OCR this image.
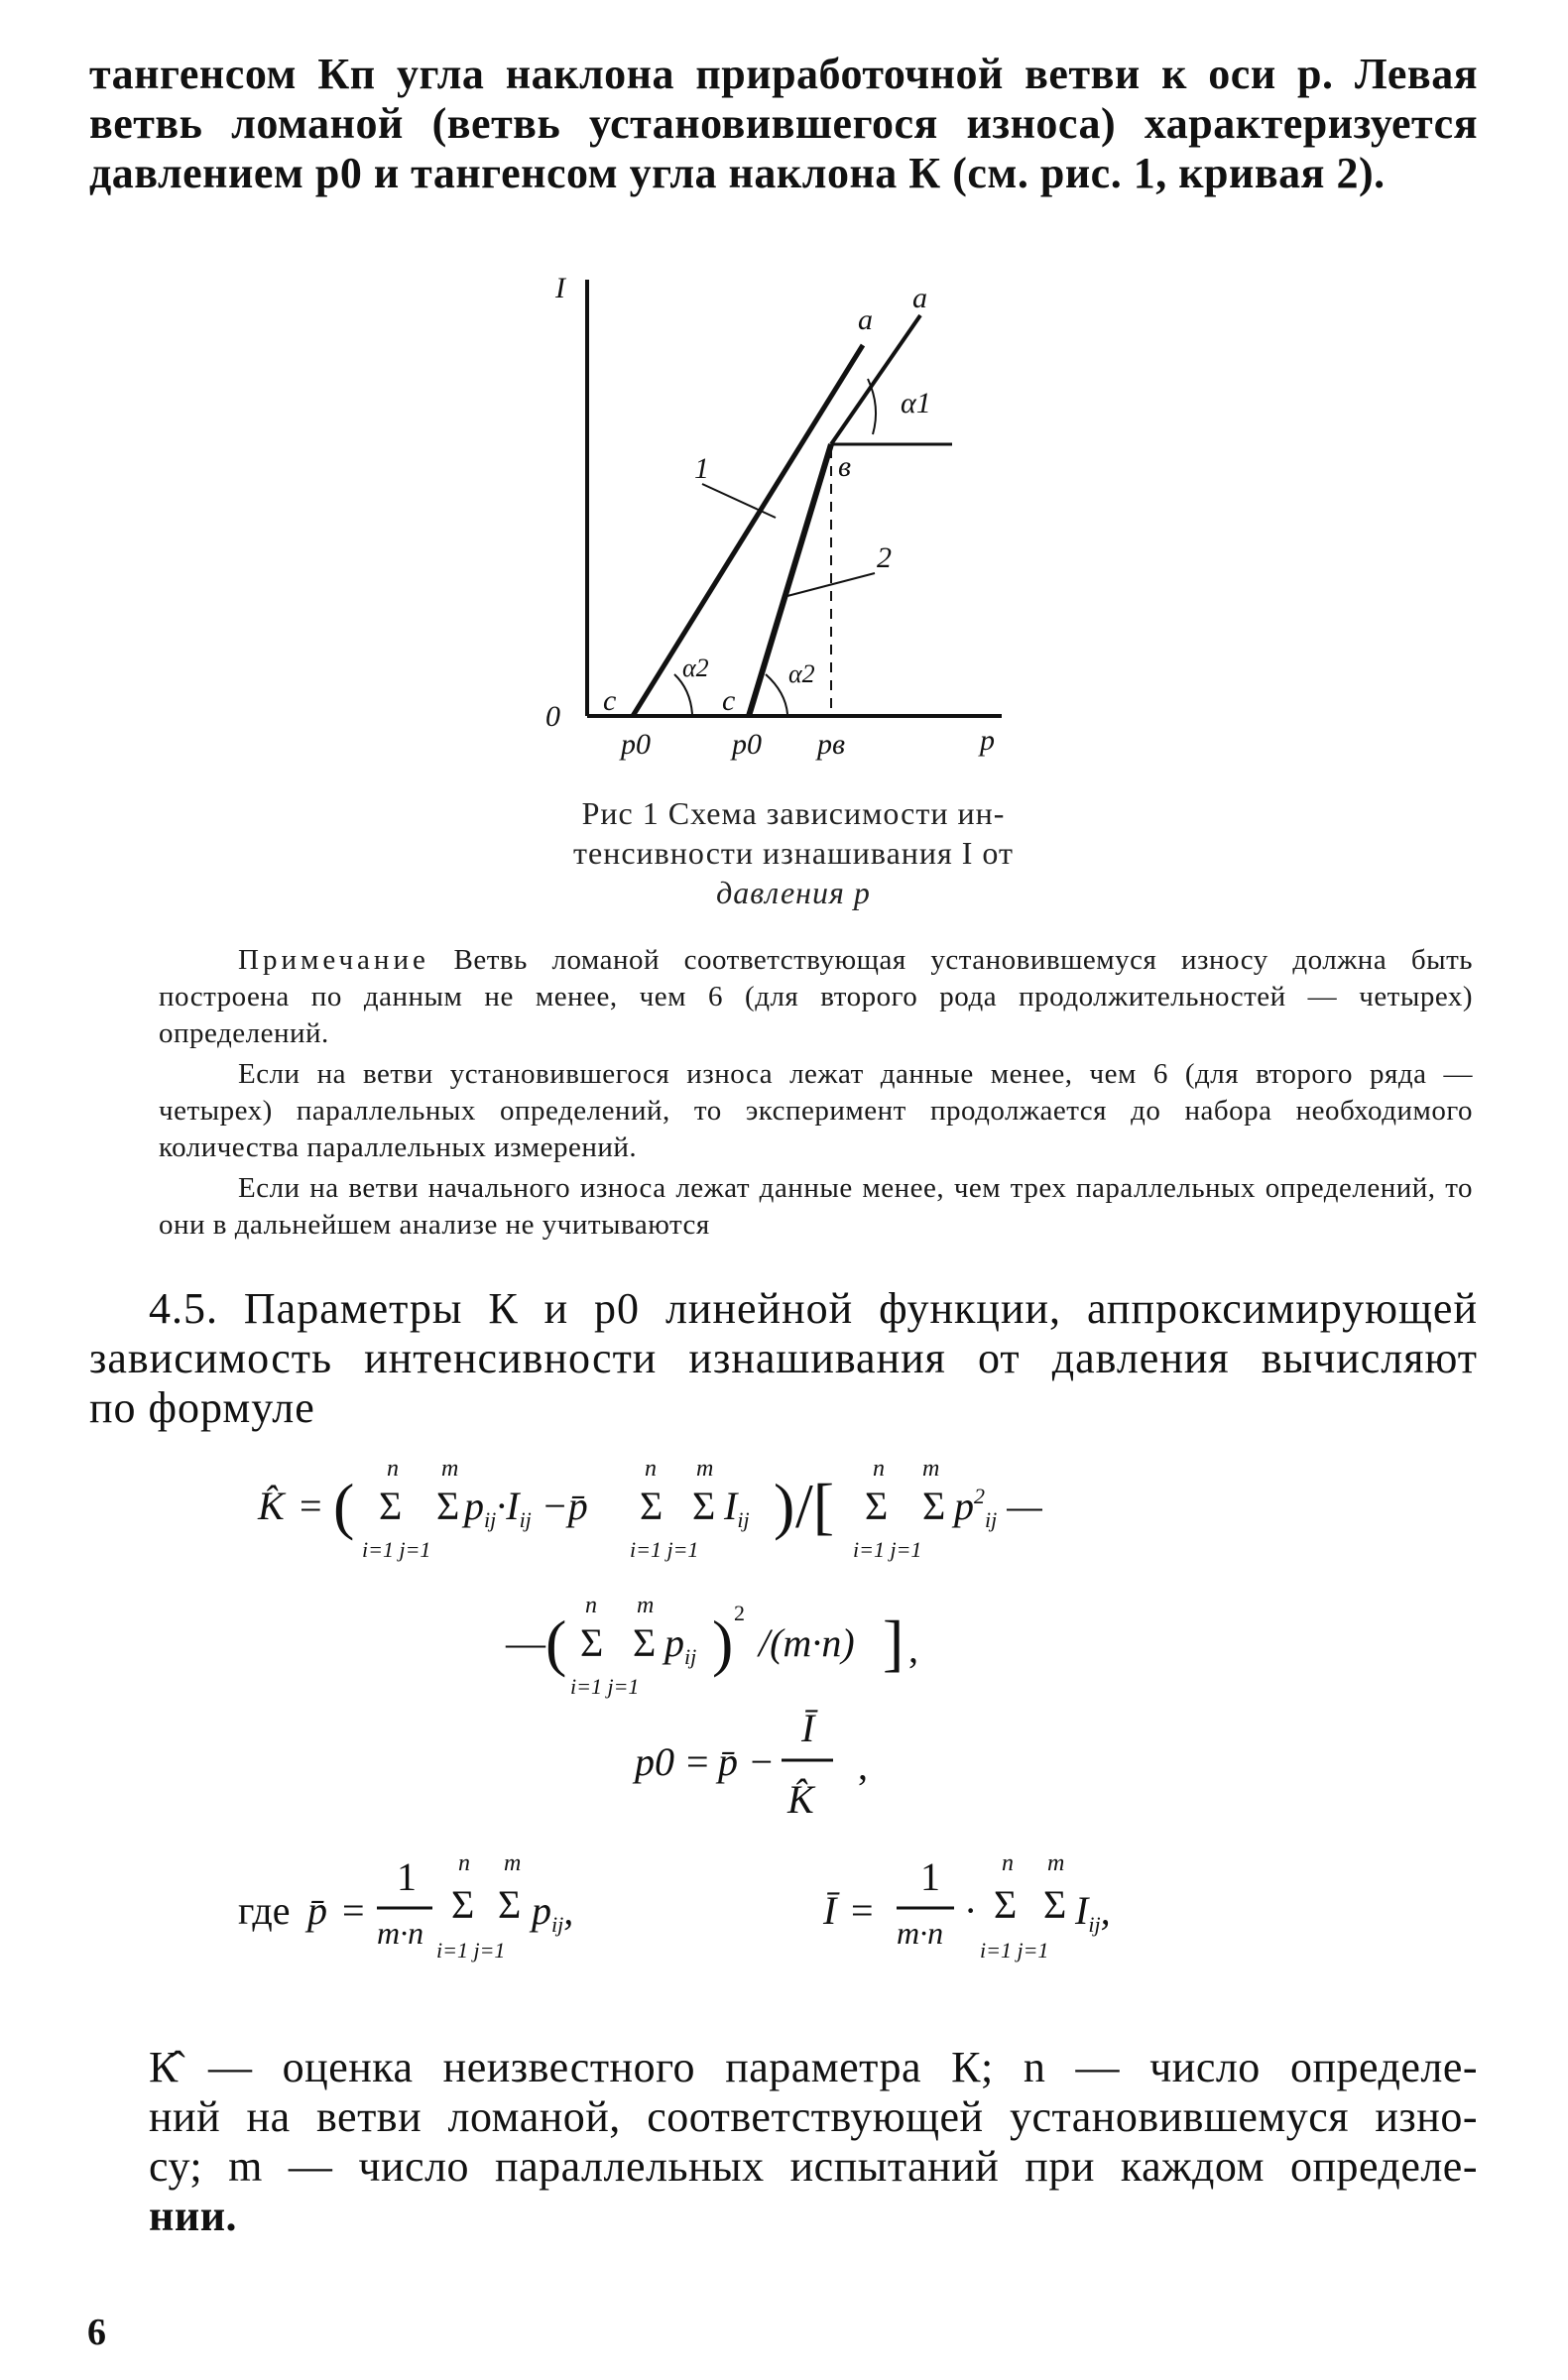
тангенсом Кп угла наклона приработочной ветви к оси p. Левая
ветвь ломаной (ветвь установившегося износа) характеризуется
давлением p0 и тангенсом угла наклона К (см. рис. 1, кривая 2).
I
0
p
a
a
α1
в
1
2
α2	α2
с	с
p0	p0 pв
Рис 1 Схема зависимости ин-
тенсивности изнашивания I от
давления p

Примечание Ветвь ломаной соответствующая установившемуся износу должна быть построена по данным не менее, чем 6 (для второго рода продолжительностей — четырех) определений.

Если на ветви установившегося износа лежат данные менее, чем 6 (для второго ряда — четырех) параллельных определений, то эксперимент продолжается до набора необходимого количества параллельных измерений.

Если на ветви начального износа лежат данные менее, чем трех параллельных определений, то они в дальнейшем анализе не учитываются

4.5. Параметры К и p0 линейной функции, аппроксимирующей
зависимость интенсивности изнашивания от давления вычисляют
по формуле
K̂ = (
n m
Σ Σ $p_{ij}\cdot I_{ij}$ −p̄
i=1 j=1
n m
Σ Σ $I_{ij}$
i=1 j=1
) /[
n m
Σ Σ $p^2_{ij}$ —
i=1 j=1
— (
n m
Σ Σ $p_{ij}$
i=1 j=1
) 2
/(m·n) ] ,
p0 = p̄ −
Ī
K̂
,
где p̄ =
1
m·n
n m
Σ Σ $p_{ij}$,
i=1 j=1
Ī =
1
m·n ·
n m
Σ Σ $I_{ij}$,
i=1 j=1
К̂ — оценка неизвестного параметра К; n — число определе-
ний на ветви ломаной, соответствующей установившемуся изно-
су; m — число параллельных испытаний при каждом определе-
нии.
6
